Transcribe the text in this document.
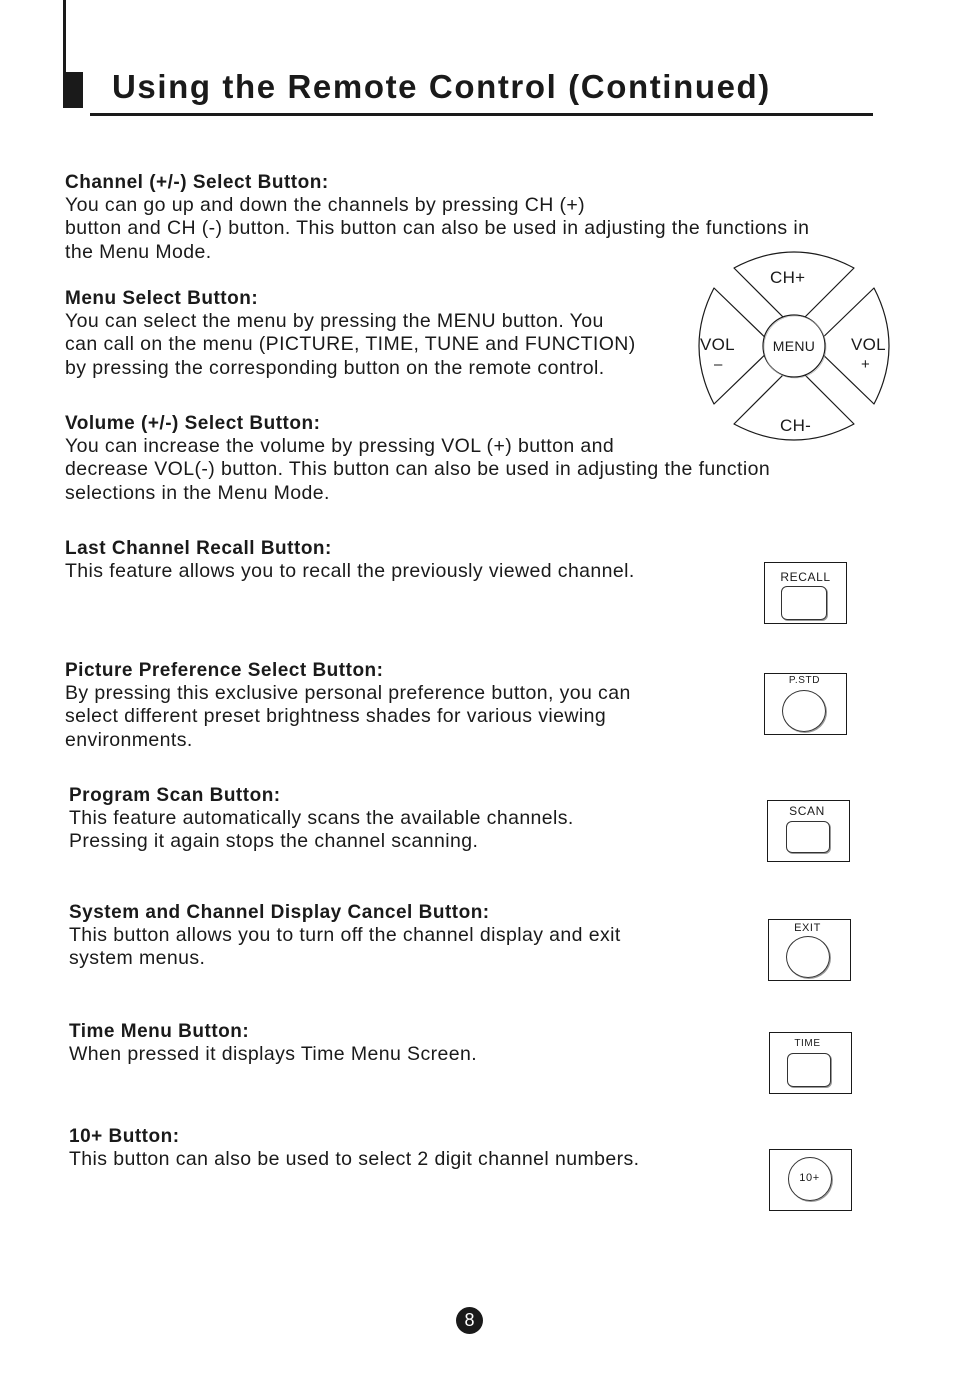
Using the Remote Control (Continued)
Channel (+/-) Select Button:

You can go up and down the channels by pressing CH (+)

button and CH (-) button. This button can also be used in adjusting the functions in

the Menu Mode.

Menu Select Button:

You can select the menu by pressing the MENU button. You

can call on the menu (PICTURE, TIME, TUNE and FUNCTION)

by pressing the corresponding button on the remote control.

Volume (+/-) Select Button:

You can increase the volume by pressing VOL (+) button and

decrease VOL(-) button. This button can also be used in adjusting the function

selections in the Menu Mode.

Last Channel Recall Button:

This feature allows you to recall the previously viewed channel.

Picture Preference Select Button:

By pressing this exclusive personal preference button, you can

select different preset brightness shades for various viewing

environments.

Program Scan Button:

This feature automatically scans the available channels.

Pressing it again stops the channel scanning.

System and Channel Display Cancel Button:

This button allows you to turn off the channel display and exit

system menus.

Time Menu Button:

When pressed it displays Time Menu Screen.

10+ Button:

This button can also be used to select 2 digit channel numbers.

CH+
CH-
VOL
–
VOL
+
MENU
RECALL
P.STD
SCAN
EXIT
TIME
10+
8
